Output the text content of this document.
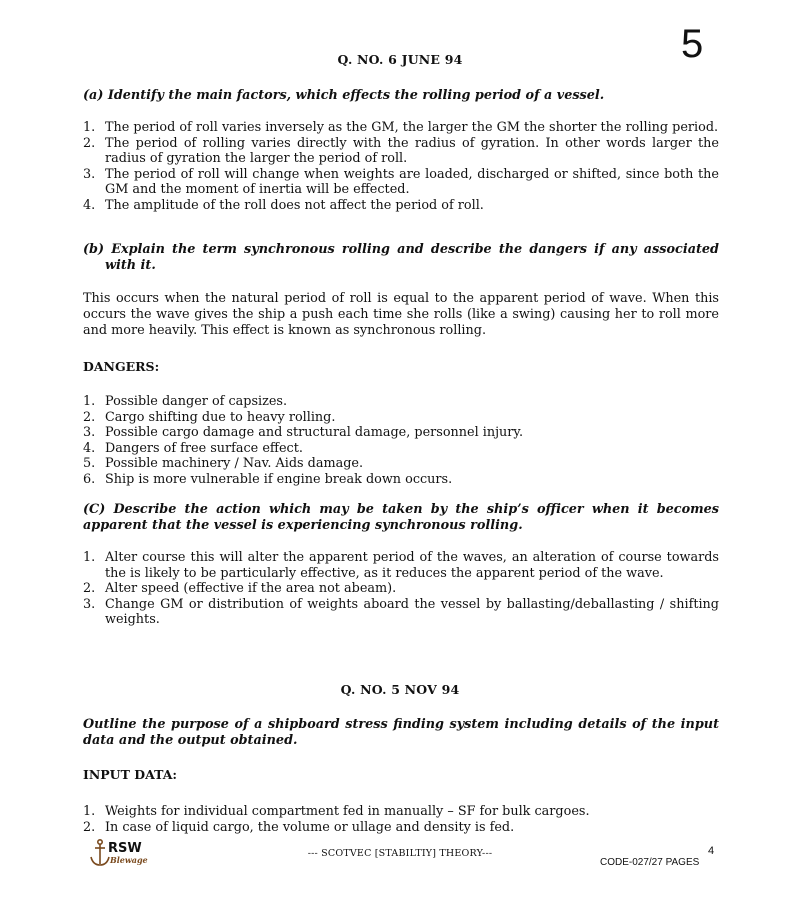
5
Q. NO. 6 JUNE 94
(a) Identify the main factors, which effects the rolling period of a vessel.
1. The period of roll varies inversely as the GM, the larger the GM the shorter the rolling period.
2. The period of rolling varies directly with the radius of gyration. In other words larger the radius of gyration the larger the period of roll.
3. The period of roll will change when weights are loaded, discharged or shifted, since both the GM and the moment of inertia will be effected.
4. The amplitude of the roll does not affect the period of roll.
(b) Explain the term synchronous rolling and describe the dangers if any associated with it.
This occurs when the natural period of roll is equal to the apparent period of wave. When this occurs the wave gives the ship a push each time she rolls (like a swing) causing her to roll more and more heavily. This effect is known as synchronous rolling.
DANGERS:
1. Possible danger of capsizes.
2. Cargo shifting due to heavy rolling.
3. Possible cargo damage and structural damage, personnel injury.
4. Dangers of free surface effect.
5. Possible machinery / Nav. Aids damage.
6. Ship is more vulnerable if engine break down occurs.
(C) Describe the action which may be taken by the ship’s officer when it becomes apparent that the vessel is experiencing synchronous rolling.
1. Alter course this will alter the apparent period of the waves, an alteration of course towards the is likely to be particularly effective, as it reduces the apparent period of the wave.
2. Alter speed (effective if the area not abeam).
3. Change GM or distribution of weights aboard the vessel by ballasting/deballasting / shifting weights.
Q. NO. 5 NOV 94
Outline the purpose of a shipboard stress finding system including details of the input data and the output obtained.
INPUT DATA:
1. Weights for individual compartment fed in manually – SF for bulk cargoes.
2. In case of liquid cargo, the volume or ullage and density is fed.
RSW
Blewage
--- SCOTVEC [STABILTIY] THEORY---	4
CODE-027/27 PAGES
